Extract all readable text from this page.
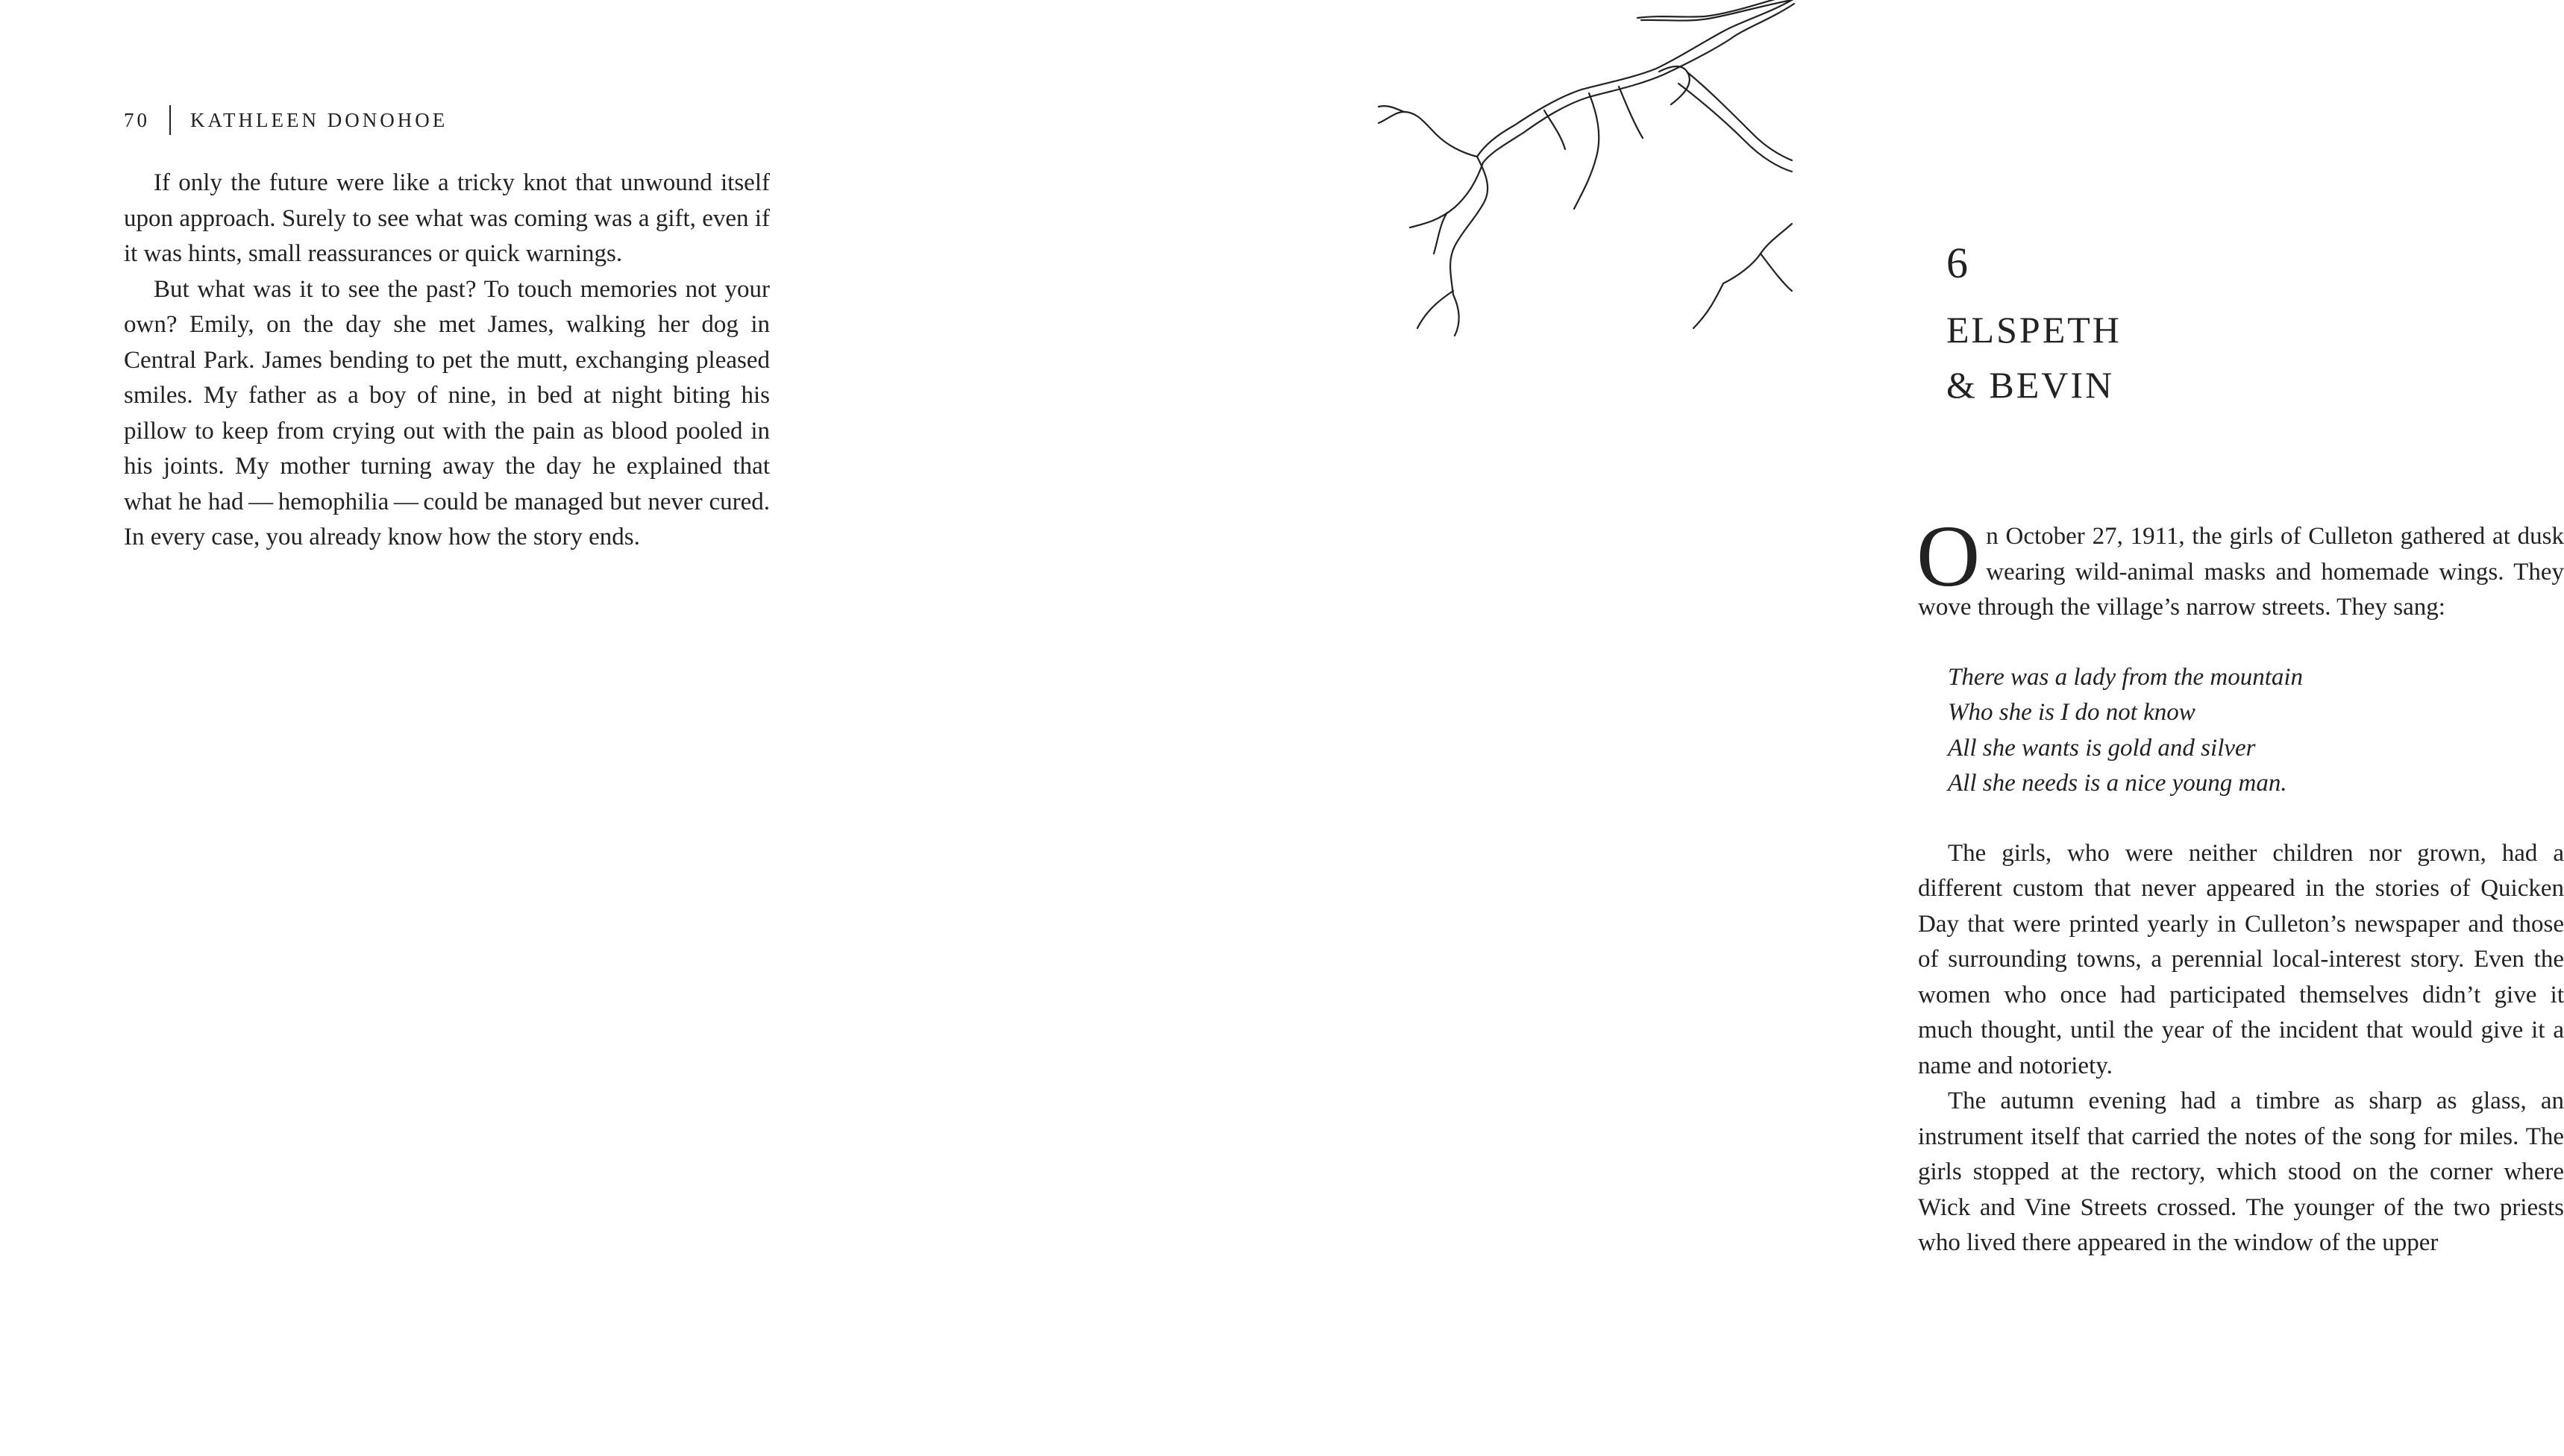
70 KATHLEEN DONOHOE

If only the future were like a tricky knot that unwound itself upon approach. Surely to see what was coming was a gift, even if it was hints, small reassurances or quick warnings.

But what was it to see the past? To touch memories not your own? Emily, on the day she met James, walking her dog in Central Park. James bending to pet the mutt, exchanging pleased smiles. My father as a boy of nine, in bed at night biting his pillow to keep from crying out with the pain as blood pooled in his joints. My mother turning away the day he explained that what he had — hemophilia — could be managed but never cured. In every case, you already know how the story ends.

6
ELSPETH
& BEVIN

On October 27, 1911, the girls of Culleton gathered at dusk wearing wild-animal masks and homemade wings. They wove through the village’s narrow streets. They sang:

There was a lady from the mountain
Who she is I do not know
All she wants is gold and silver
All she needs is a nice young man.

The girls, who were neither children nor grown, had a different custom that never appeared in the stories of Quicken Day that were printed yearly in Culleton’s newspaper and those of surrounding towns, a perennial local-interest story. Even the women who once had participated themselves didn’t give it much thought, until the year of the incident that would give it a name and notoriety.

The autumn evening had a timbre as sharp as glass, an instrument itself that carried the notes of the song for miles. The girls stopped at the rectory, which stood on the corner where Wick and Vine Streets crossed. The younger of the two priests who lived there appeared in the window of the upper
